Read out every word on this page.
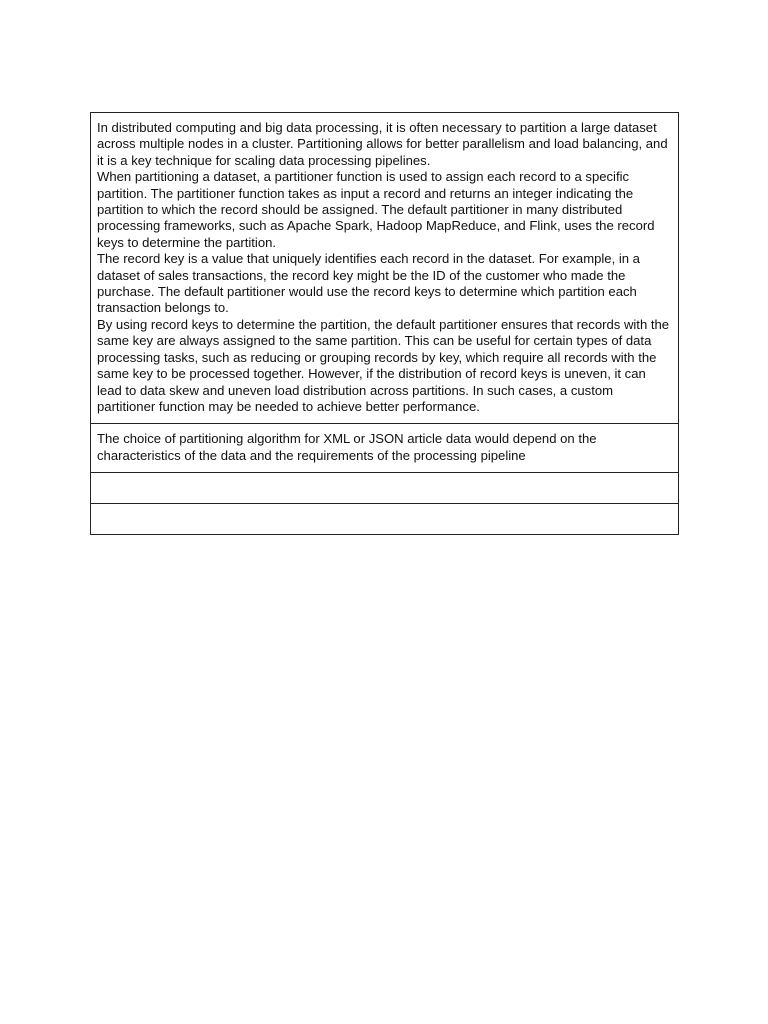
In distributed computing and big data processing, it is often necessary to partition a large dataset across multiple nodes in a cluster. Partitioning allows for better parallelism and load balancing, and it is a key technique for scaling data processing pipelines.

When partitioning a dataset, a partitioner function is used to assign each record to a specific partition. The partitioner function takes as input a record and returns an integer indicating the partition to which the record should be assigned. The default partitioner in many distributed processing frameworks, such as Apache Spark, Hadoop MapReduce, and Flink, uses the record keys to determine the partition.

The record key is a value that uniquely identifies each record in the dataset. For example, in a dataset of sales transactions, the record key might be the ID of the customer who made the purchase. The default partitioner would use the record keys to determine which partition each transaction belongs to.

By using record keys to determine the partition, the default partitioner ensures that records with the same key are always assigned to the same partition. This can be useful for certain types of data processing tasks, such as reducing or grouping records by key, which require all records with the same key to be processed together. However, if the distribution of record keys is uneven, it can lead to data skew and uneven load distribution across partitions. In such cases, a custom partitioner function may be needed to achieve better performance.

The choice of partitioning algorithm for XML or JSON article data would depend on the characteristics of the data and the requirements of the processing pipeline
